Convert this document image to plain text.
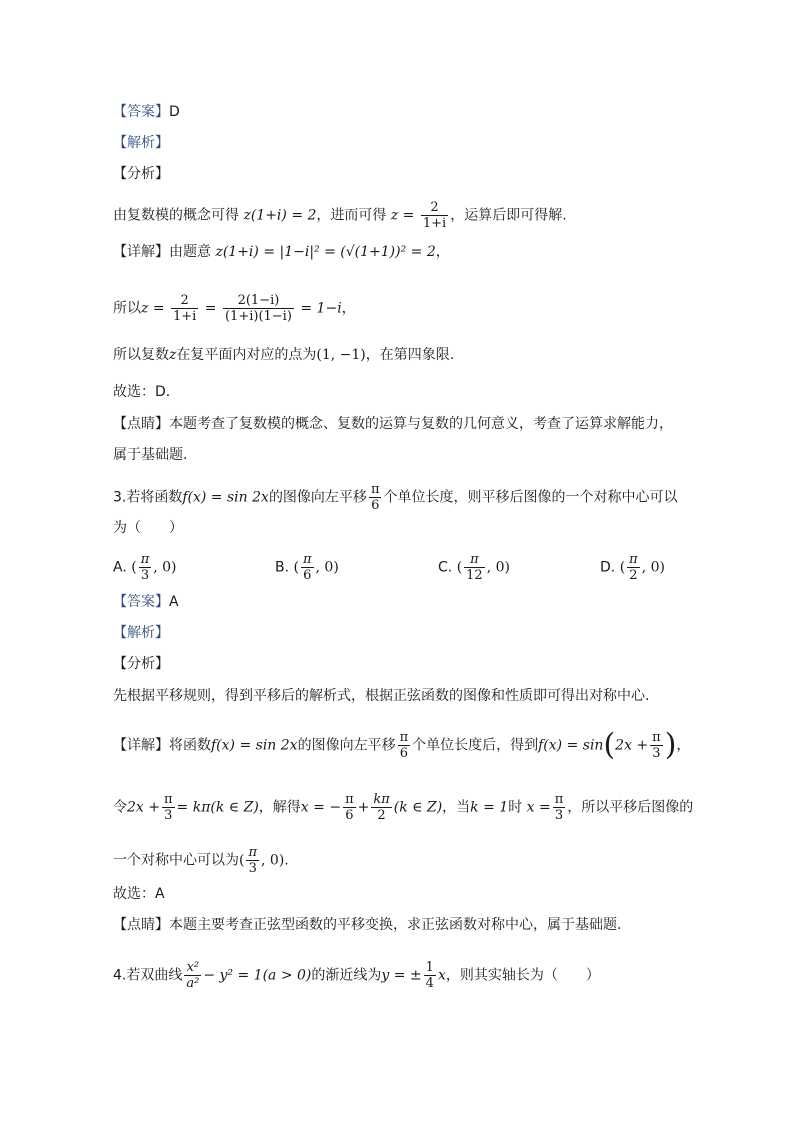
【答案】D
【解析】
【分析】
由复数模的概念可得 z(1+i) = 2，进而可得 $z = \frac{2}{1+i}$ ，运算后即可得解.
【详解】由题意 z(1+i) = |1−i|² = (√(1+1))² = 2，
所以$z = \frac{2}{1+i} = \frac{2(1-i)}{(1+i)(1-i)} = 1-i$，
所以复数z在复平面内对应的点为(1, −1)，在第四象限.
故选：D.
【点睛】本题考查了复数模的概念、复数的运算与复数的几何意义，考查了运算求解能力，
属于基础题.
3.若将函数f(x) = sin 2x的图像向左平移 $\frac{\pi}{6}$ 个单位长度，则平移后图像的一个对称中心可以
为（　　）
A. ( $\frac{\pi}{3}$ , 0)	B. ( $\frac{\pi}{6}$ , 0)	C. ( $\frac{\pi}{12}$ , 0)	D. ( $\frac{\pi}{2}$ , 0)
【答案】A
【解析】
【分析】
先根据平移规则，得到平移后的解析式，根据正弦函数的图像和性质即可得出对称中心.
【详解】将函数f(x) = sin 2x的图像向左平移 $\frac{\pi}{6}$ 个单位长度后，得到$f(x) = \sin(2x + \frac{\pi}{3}$ )，
令$2x + \frac{\pi}{3} = k\pi(k$ ∈ Z)，解得x = − $\frac{\pi}{6} + \frac{k\pi}{2} (k$ ∈ Z)，当k = 1时 $x = \frac{\pi}{3}$ ，所以平移后图像的
一个对称中心可以为( $\frac{\pi}{3}$ , 0).
故选：A
【点睛】本题主要考查正弦型函数的平移变换，求正弦函数对称中心，属于基础题.
4.若双曲线 $\frac{\text{x²}}{\text{a²}} - y^2 = 1(a > 0)$的渐近线为y = ± $\frac{1}{4}$ x，则其实轴长为（　　）
